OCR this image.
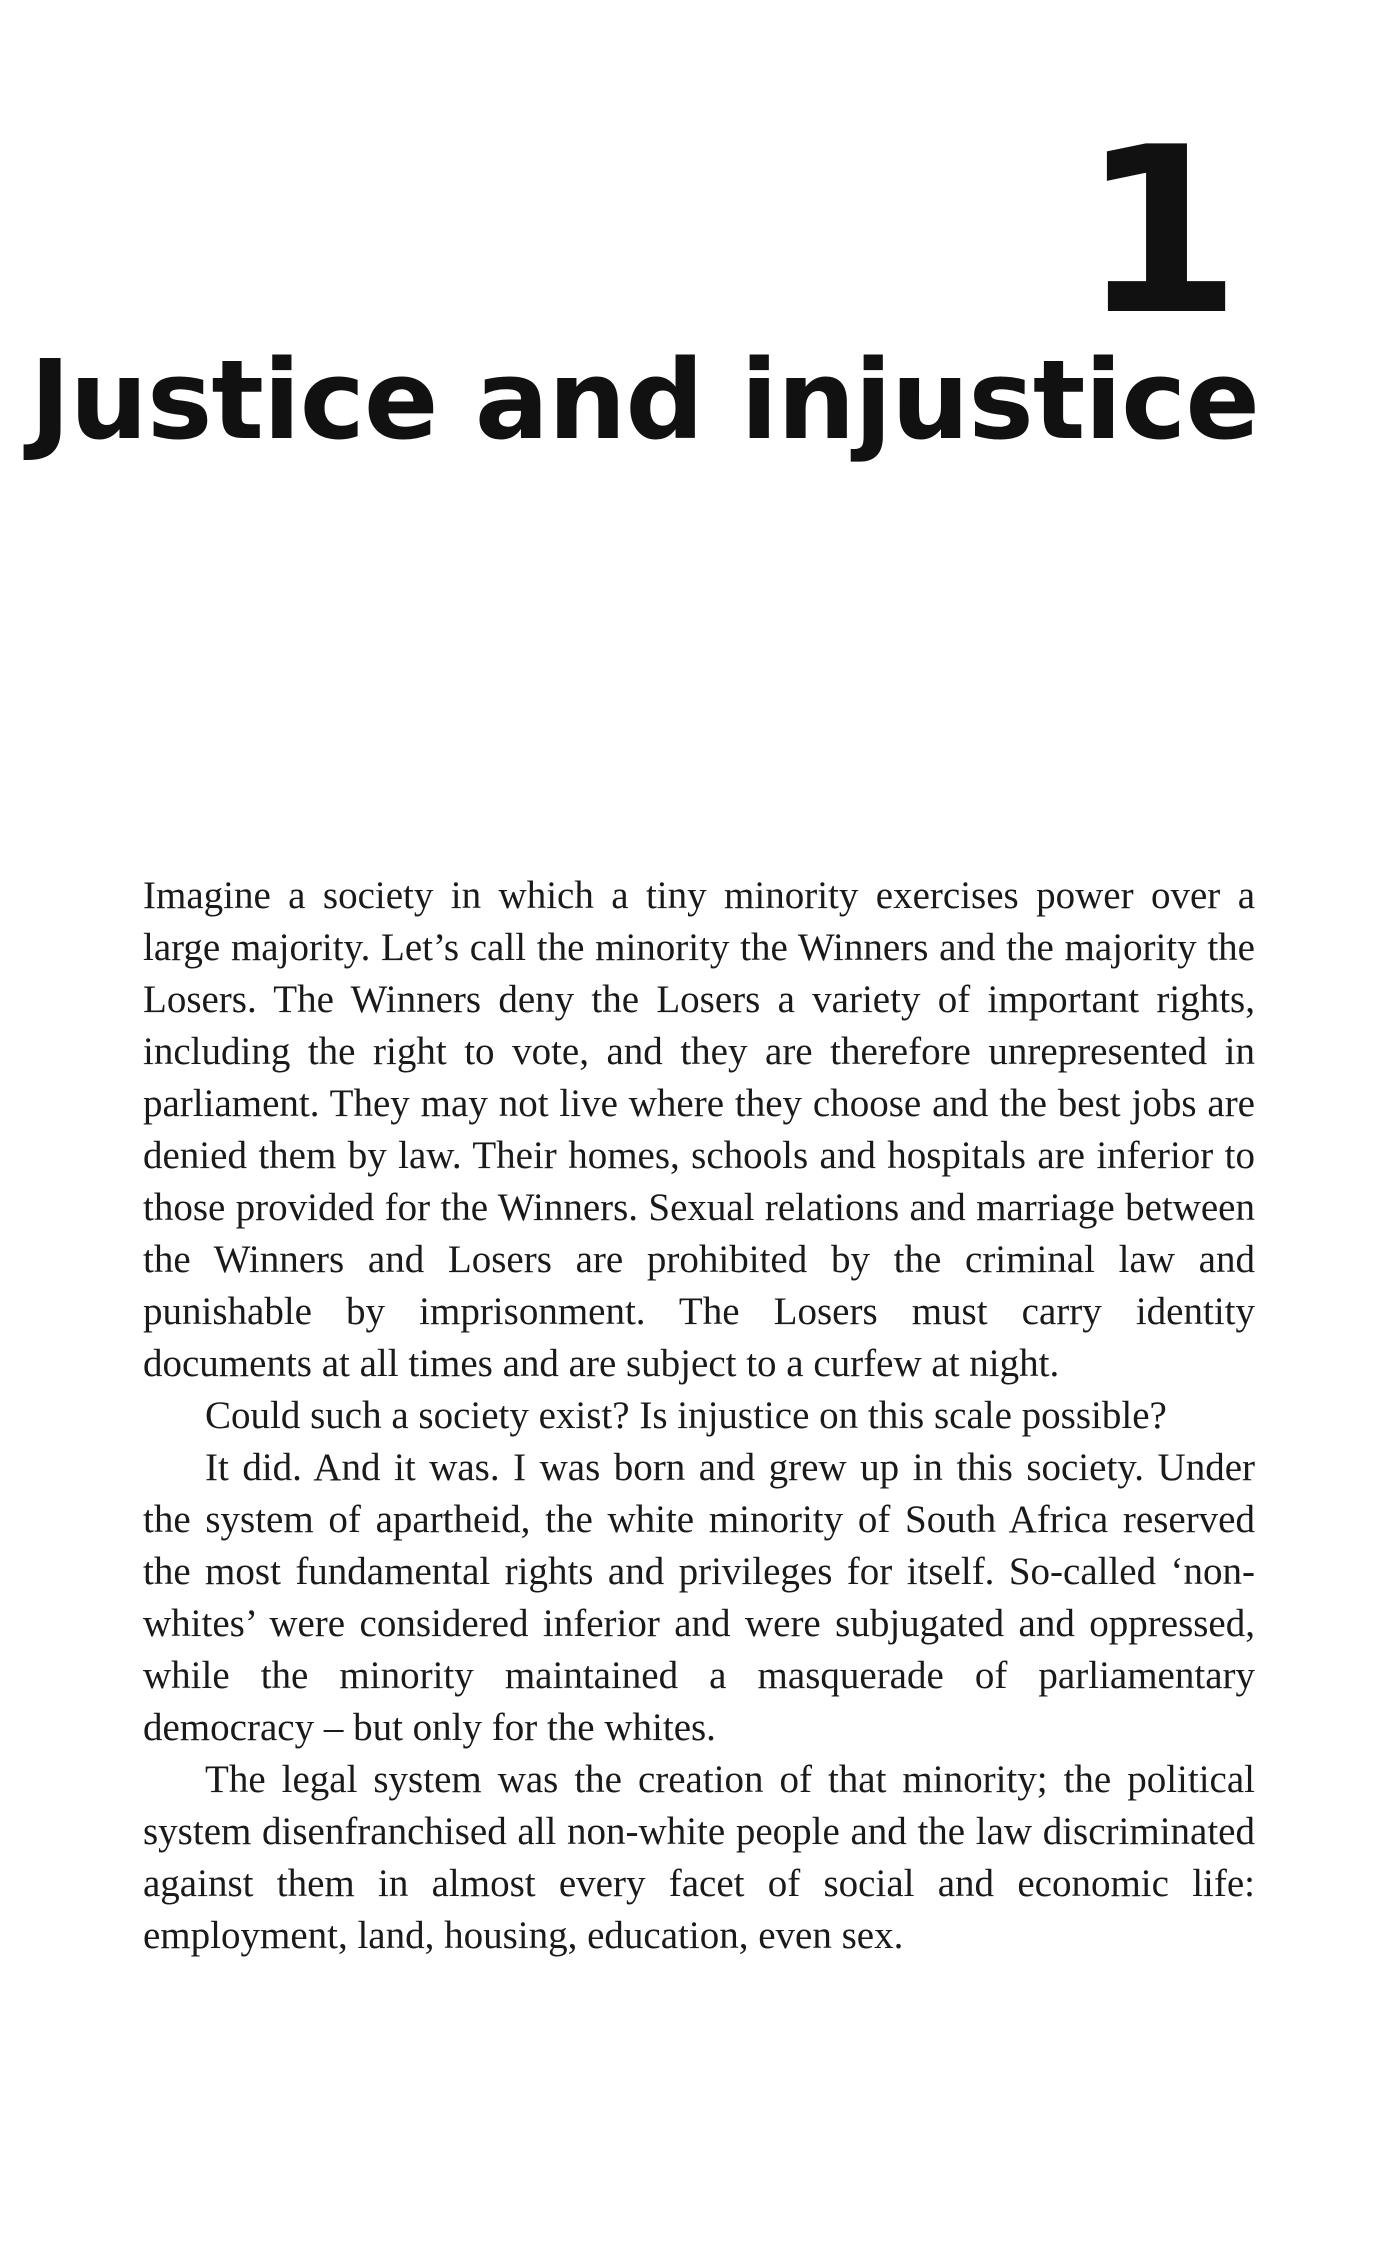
1
Justice and injustice

Imagine a society in which a tiny minority exercises power over a large majority. Let’s call the minority the Winners and the majority the Losers. The Winners deny the Losers a variety of important rights, including the right to vote, and they are therefore unrepresented in parliament. They may not live where they choose and the best jobs are denied them by law. Their homes, schools and hospitals are inferior to those provided for the Winners. Sexual relations and marriage between the Winners and Losers are prohibited by the criminal law and punishable by imprisonment. The Losers must carry identity documents at all times and are subject to a curfew at night.

Could such a society exist? Is injustice on this scale possible?

It did. And it was. I was born and grew up in this society. Under the system of apartheid, the white minority of South Africa reserved the most fundamental rights and privileges for itself. So-called ‘non-whites’ were considered inferior and were subjugated and oppressed, while the minority maintained a masquerade of parliamentary democracy – but only for the whites.

The legal system was the creation of that minority; the political system disenfranchised all non-white people and the law discriminated against them in almost every facet of social and economic life: employment, land, housing, education, even sex.
